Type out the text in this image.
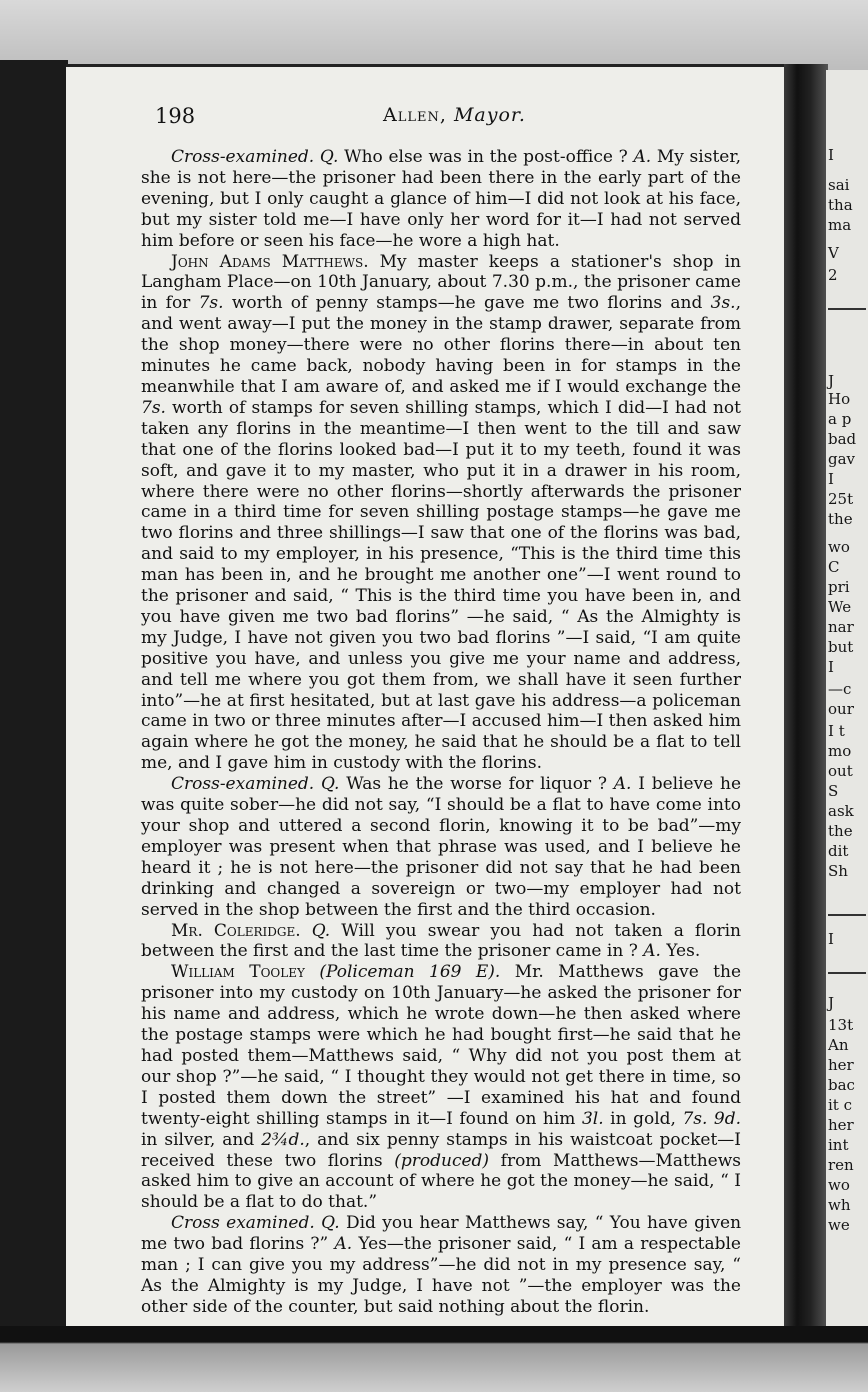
198	Allen, Mayor.

Cross-examined. Q. Who else was in the post-office ? A. My sister, she is not here—the prisoner had been there in the early part of the evening, but I only caught a glance of him—I did not look at his face, but my sister told me—I have only her word for it—I had not served him before or seen his face—he wore a high hat.

John Adams Matthews. My master keeps a stationer's shop in Langham Place—on 10th January, about 7.30 p.m., the prisoner came in for 7s. worth of penny stamps—he gave me two florins and 3s., and went away—I put the money in the stamp drawer, separate from the shop money—there were no other florins there—in about ten minutes he came back, nobody having been in for stamps in the meanwhile that I am aware of, and asked me if I would exchange the 7s. worth of stamps for seven shilling stamps, which I did—I had not taken any florins in the meantime—I then went to the till and saw that one of the florins looked bad—I put it to my teeth, found it was soft, and gave it to my master, who put it in a drawer in his room, where there were no other florins—shortly afterwards the prisoner came in a third time for seven shilling postage stamps—he gave me two florins and three shillings—I saw that one of the florins was bad, and said to my employer, in his presence, “This is the third time this man has been in, and he brought me another one”—I went round to the prisoner and said, “ This is the third time you have been in, and you have given me two bad florins” —he said, “ As the Almighty is my Judge, I have not given you two bad florins ”—I said, “I am quite positive you have, and unless you give me your name and address, and tell me where you got them from, we shall have it seen further into”—he at first hesitated, but at last gave his address—a policeman came in two or three minutes after—I accused him—I then asked him again where he got the money, he said that he should be a flat to tell me, and I gave him in custody with the florins.

Cross-examined. Q. Was he the worse for liquor ? A. I believe he was quite sober—he did not say, “I should be a flat to have come into your shop and uttered a second florin, knowing it to be bad”—my employer was present when that phrase was used, and I believe he heard it ; he is not here—the prisoner did not say that he had been drinking and changed a sovereign or two—my employer had not served in the shop between the first and the third occasion.

Mr. Coleridge. Q. Will you swear you had not taken a florin between the first and the last time the prisoner came in ? A. Yes.

William Tooley (Policeman 169 E). Mr. Matthews gave the prisoner into my custody on 10th January—he asked the prisoner for his name and address, which he wrote down—he then asked where the postage stamps were which he had bought first—he said that he had posted them—Matthews said, “ Why did not you post them at our shop ?”—he said, “ I thought they would not get there in time, so I posted them down the street” —I examined his hat and found twenty-eight shilling stamps in it—I found on him 3l. in gold, 7s. 9d. in silver, and 2¾d., and six penny stamps in his waistcoat pocket—I received these two florins (produced) from Matthews—Matthews asked him to give an account of where he got the money—he said, “ I should be a flat to do that.”

Cross examined. Q. Did you hear Matthews say, “ You have given me two bad florins ?” A. Yes—the prisoner said, “ I am a respectable man ; I can give you my address”—he did not in my presence say, “ As the Almighty is my Judge, I have not ”—the employer was the other side of the counter, but said nothing about the florin.

I
sai
tha
ma
V
2
J
Ho
a p
bad
gav
I
25t
the
wo
C
pri
We
nar
but
I
—c
our
I t
mo
out
S
ask
the
dit
Sh
I
J
13t
An
her
bac
it c
her
int
ren
wo
wh
we
